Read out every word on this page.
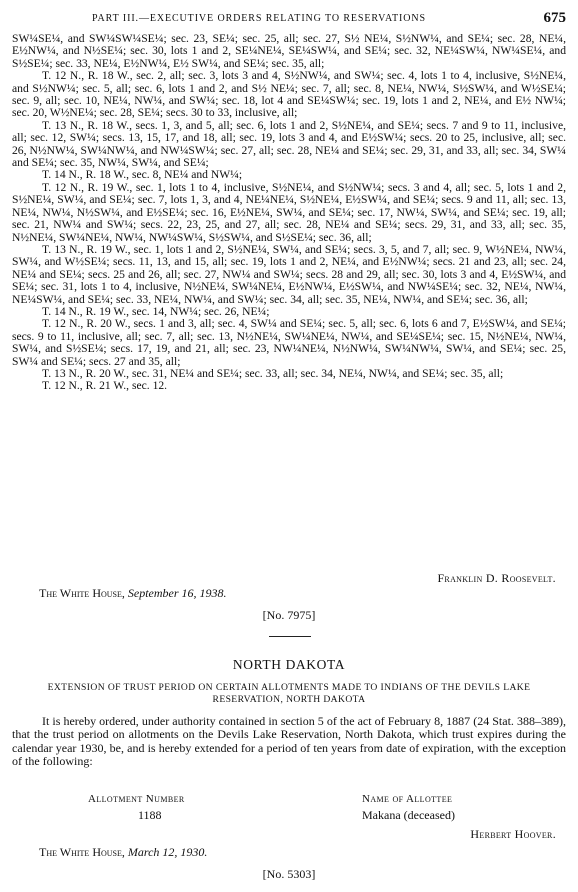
PART III.—EXECUTIVE ORDERS RELATING TO RESERVATIONS	675

SW¼SE¼, and SW¼SW¼SE¼; sec. 23, SE¼; sec. 25, all; sec. 27, S½ NE¼, S½NW¼, and SE¼; sec. 28, NE¼, E½NW¼, and N½SE¼; sec. 30, lots 1 and 2, SE¼NE¼, SE¼SW¼, and SE¼; sec. 32, NE¼SW¼, NW¼SE¼, and S½SE¼; sec. 33, NE¼, E½NW¼, E½ SW¼, and SE¼; sec. 35, all;

T. 12 N., R. 18 W., sec. 2, all; sec. 3, lots 3 and 4, S½NW¼, and SW¼; sec. 4, lots 1 to 4, inclusive, S½NE¼, and S½NW¼; sec. 5, all; sec. 6, lots 1 and 2, and S½ NE¼; sec. 7, all; sec. 8, NE¼, NW¼, S½SW¼, and W½SE¼; sec. 9, all; sec. 10, NE¼, NW¼, and SW¼; sec. 18, lot 4 and SE¼SW¼; sec. 19, lots 1 and 2, NE¼, and E½ NW¼; sec. 20, W½NE¼; sec. 28, SE¼; secs. 30 to 33, inclusive, all;

T. 13 N., R. 18 W., secs. 1, 3, and 5, all; sec. 6, lots 1 and 2, S½NE¼, and SE¼; secs. 7 and 9 to 11, inclusive, all; sec. 12, SW¼; secs. 13, 15, 17, and 18, all; sec. 19, lots 3 and 4, and E½SW¼; secs. 20 to 25, inclusive, all; sec. 26, N½NW¼, SW¼NW¼, and NW¼SW¼; sec. 27, all; sec. 28, NE¼ and SE¼; sec. 29, 31, and 33, all; sec. 34, SW¼ and SE¼; sec. 35, NW¼, SW¼, and SE¼;

T. 14 N., R. 18 W., sec. 8, NE¼ and NW¼;

T. 12 N., R. 19 W., sec. 1, lots 1 to 4, inclusive, S½NE¼, and S½NW¼; secs. 3 and 4, all; sec. 5, lots 1 and 2, S½NE¼, SW¼, and SE¼; sec. 7, lots 1, 3, and 4, NE¼NE¼, S½NE¼, E½SW¼, and SE¼; secs. 9 and 11, all; sec. 13, NE¼, NW¼, N½SW¼, and E½SE¼; sec. 16, E½NE¼, SW¼, and SE¼; sec. 17, NW¼, SW¼, and SE¼; sec. 19, all; sec. 21, NW¼ and SW¼; secs. 22, 23, 25, and 27, all; sec. 28, NE¼ and SE¼; secs. 29, 31, and 33, all; sec. 35, N½NE¼, SW¼NE¼, NW¼, NW¼SW¼, S½SW¼, and S½SE¼; sec. 36, all;

T. 13 N., R. 19 W., sec. 1, lots 1 and 2, S½NE¼, SW¼, and SE¼; secs. 3, 5, and 7, all; sec. 9, W½NE¼, NW¼, SW¼, and W½SE¼; secs. 11, 13, and 15, all; sec. 19, lots 1 and 2, NE¼, and E½NW¼; secs. 21 and 23, all; sec. 24, NE¼ and SE¼; secs. 25 and 26, all; sec. 27, NW¼ and SW¼; secs. 28 and 29, all; sec. 30, lots 3 and 4, E½SW¼, and SE¼; sec. 31, lots 1 to 4, inclusive, N½NE¼, SW¼NE¼, E½NW¼, E½SW¼, and NW¼SE¼; sec. 32, NE¼, NW¼, NE¼SW¼, and SE¼; sec. 33, NE¼, NW¼, and SW¼; sec. 34, all; sec. 35, NE¼, NW¼, and SE¼; sec. 36, all;

T. 14 N., R. 19 W., sec. 14, NW¼; sec. 26, NE¼;

T. 12 N., R. 20 W., secs. 1 and 3, all; sec. 4, SW¼ and SE¼; sec. 5, all; sec. 6, lots 6 and 7, E½SW¼, and SE¼; secs. 9 to 11, inclusive, all; sec. 7, all; sec. 13, N½NE¼, SW¼NE¼, NW¼, and SE¼SE¼; sec. 15, N½NE¼, NW¼, SW¼, and S½SE¼; secs. 17, 19, and 21, all; sec. 23, NW¼NE¼, N½NW¼, SW¼NW¼, SW¼, and SE¼; sec. 25, SW¼ and SE¼; secs. 27 and 35, all;

T. 13 N., R. 20 W., sec. 31, NE¼ and SE¼; sec. 33, all; sec. 34, NE¼, NW¼, and SE¼; sec. 35, all;

T. 12 N., R. 21 W., sec. 12.

Franklin D. Roosevelt.
The White House, September 16, 1938.
[No. 7975]
NORTH DAKOTA
EXTENSION OF TRUST PERIOD ON CERTAIN ALLOTMENTS MADE TO INDIANS OF THE DEVILS LAKE RESERVATION, NORTH DAKOTA
It is hereby ordered, under authority contained in section 5 of the act of February 8, 1887 (24 Stat. 388–389), that the trust period on allotments on the Devils Lake Reservation, North Dakota, which trust expires during the calendar year 1930, be, and is hereby extended for a period of ten years from date of expiration, with the exception of the following:
Allotment Number	Name of Allottee
1188	Makana (deceased)
Herbert Hoover.
The White House, March 12, 1930.
[No. 5303]
